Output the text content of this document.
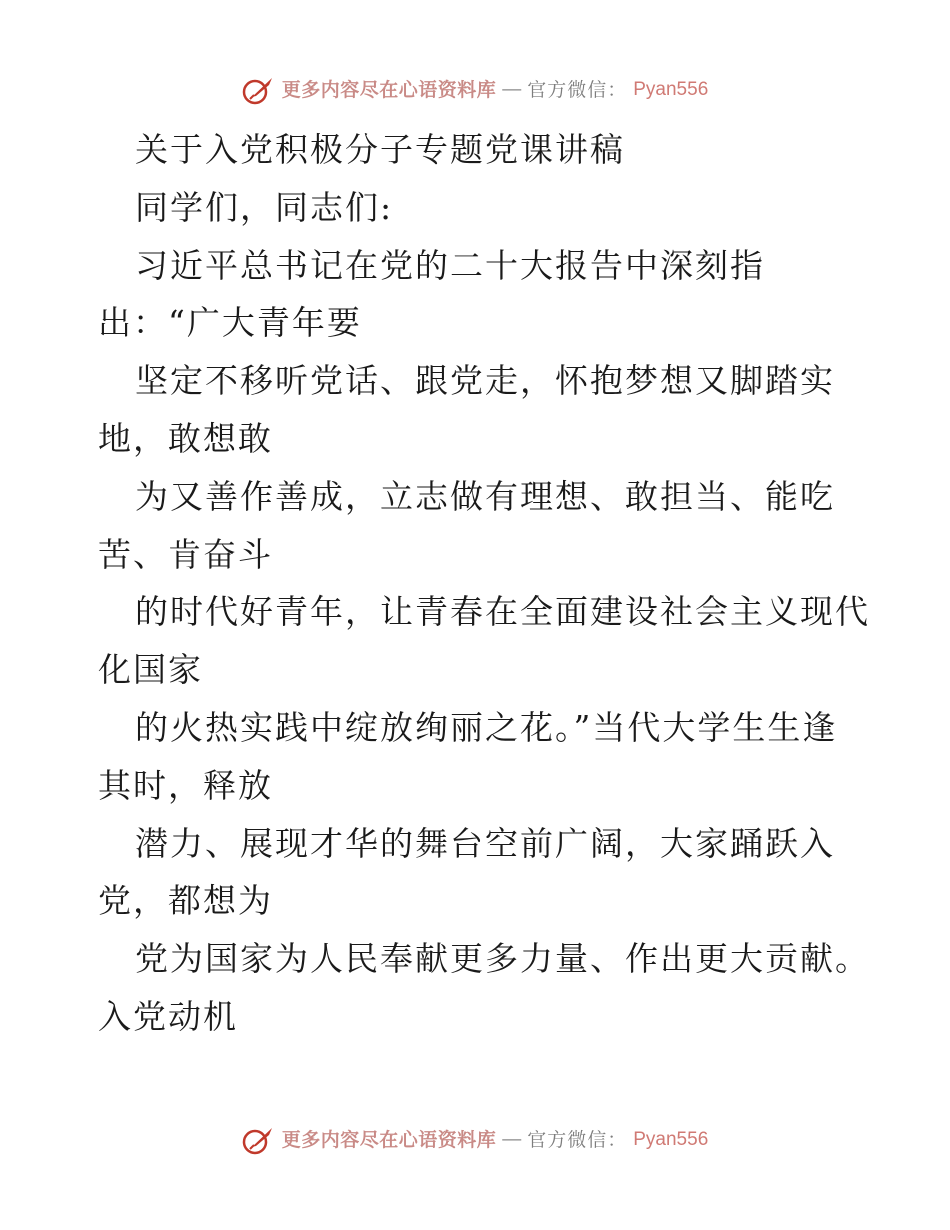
更多内容尽在心语资料库 — 官方微信： Pyan556
关于入党积极分子专题党课讲稿
同学们，同志们:
习近平总书记在党的二十大报告中深刻指
出：“广大青年要
坚定不移听党话、跟党走，怀抱梦想又脚踏实
地，敢想敢
为又善作善成，立志做有理想、敢担当、能吃
苦、肯奋斗
的时代好青年，让青春在全面建设社会主义现代
化国家
的火热实践中绽放绚丽之花。”当代大学生生逢
其时，释放
潜力、展现才华的舞台空前广阔，大家踊跃入
党，都想为
党为国家为人民奉献更多力量、作出更大贡献。
入党动机
更多内容尽在心语资料库 — 官方微信： Pyan556
